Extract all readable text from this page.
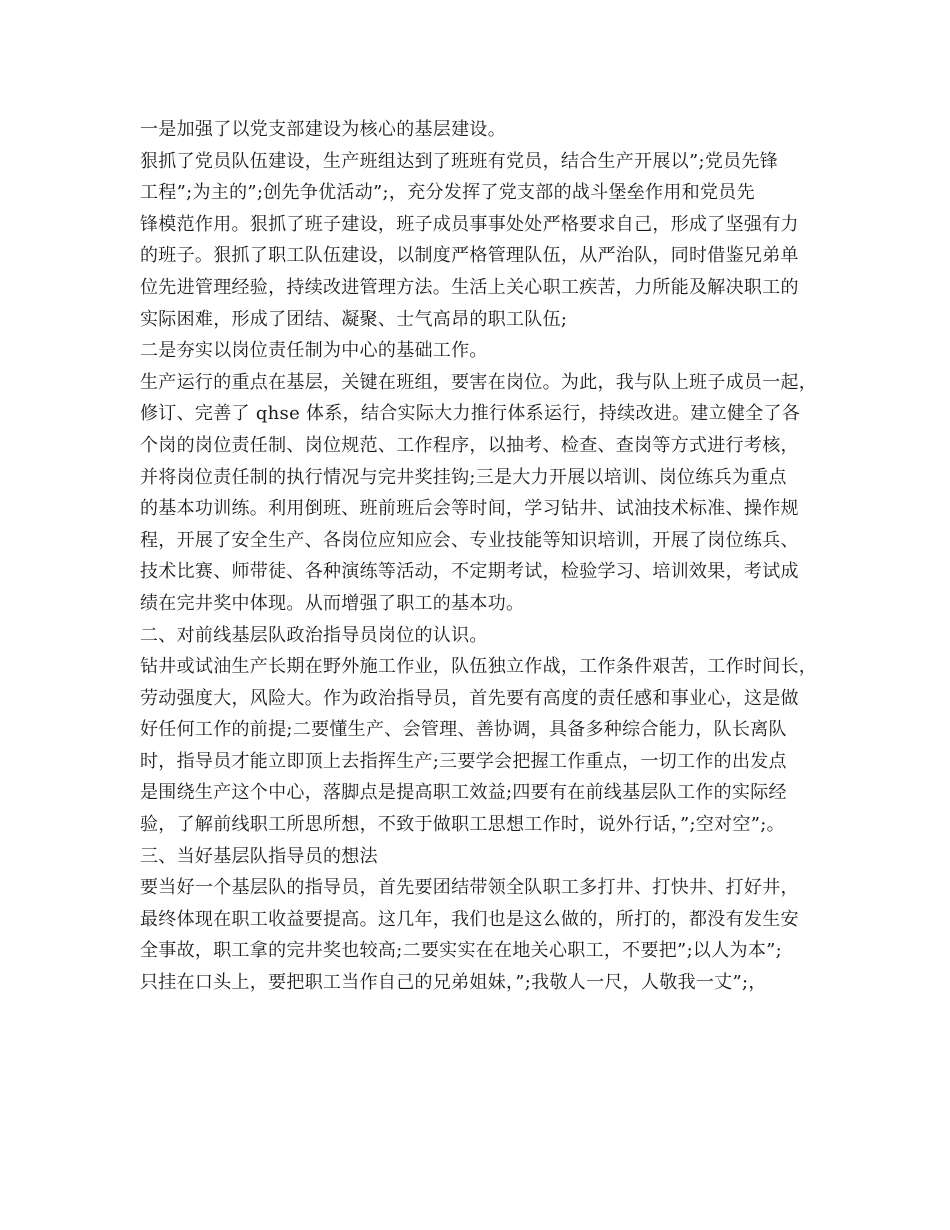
一是加强了以党支部建设为核心的基层建设。
狠抓了党员队伍建设，生产班组达到了班班有党员，结合生产开展以”;党员先锋
工程”;为主的”;创先争优活动”;，充分发挥了党支部的战斗堡垒作用和党员先
锋模范作用。狠抓了班子建设，班子成员事事处处严格要求自己，形成了坚强有力
的班子。狠抓了职工队伍建设，以制度严格管理队伍，从严治队，同时借鉴兄弟单
位先进管理经验，持续改进管理方法。生活上关心职工疾苦，力所能及解决职工的
实际困难，形成了团结、凝聚、士气高昂的职工队伍;
二是夯实以岗位责任制为中心的基础工作。
生产运行的重点在基层，关键在班组，要害在岗位。为此，我与队上班子成员一起，
修订、完善了 qhse 体系，结合实际大力推行体系运行，持续改进。建立健全了各
个岗的岗位责任制、岗位规范、工作程序，以抽考、检查、查岗等方式进行考核，
并将岗位责任制的执行情况与完井奖挂钩;三是大力开展以培训、岗位练兵为重点
的基本功训练。利用倒班、班前班后会等时间，学习钻井、试油技术标准、操作规
程，开展了安全生产、各岗位应知应会、专业技能等知识培训，开展了岗位练兵、
技术比赛、师带徒、各种演练等活动，不定期考试，检验学习、培训效果，考试成
绩在完井奖中体现。从而增强了职工的基本功。
二、对前线基层队政治指导员岗位的认识。
钻井或试油生产长期在野外施工作业，队伍独立作战，工作条件艰苦，工作时间长，
劳动强度大，风险大。作为政治指导员，首先要有高度的责任感和事业心，这是做
好任何工作的前提;二要懂生产、会管理、善协调，具备多种综合能力，队长离队
时，指导员才能立即顶上去指挥生产;三要学会把握工作重点，一切工作的出发点
是围绕生产这个中心，落脚点是提高职工效益;四要有在前线基层队工作的实际经
验，了解前线职工所思所想，不致于做职工思想工作时，说外行话，”;空对空”;。
三、当好基层队指导员的想法
要当好一个基层队的指导员，首先要团结带领全队职工多打井、打快井、打好井，
最终体现在职工收益要提高。这几年，我们也是这么做的，所打的，都没有发生安
全事故，职工拿的完井奖也较高;二要实实在在地关心职工，不要把”;以人为本”;
只挂在口头上，要把职工当作自己的兄弟姐妹，”;我敬人一尺，人敬我一丈”;，
